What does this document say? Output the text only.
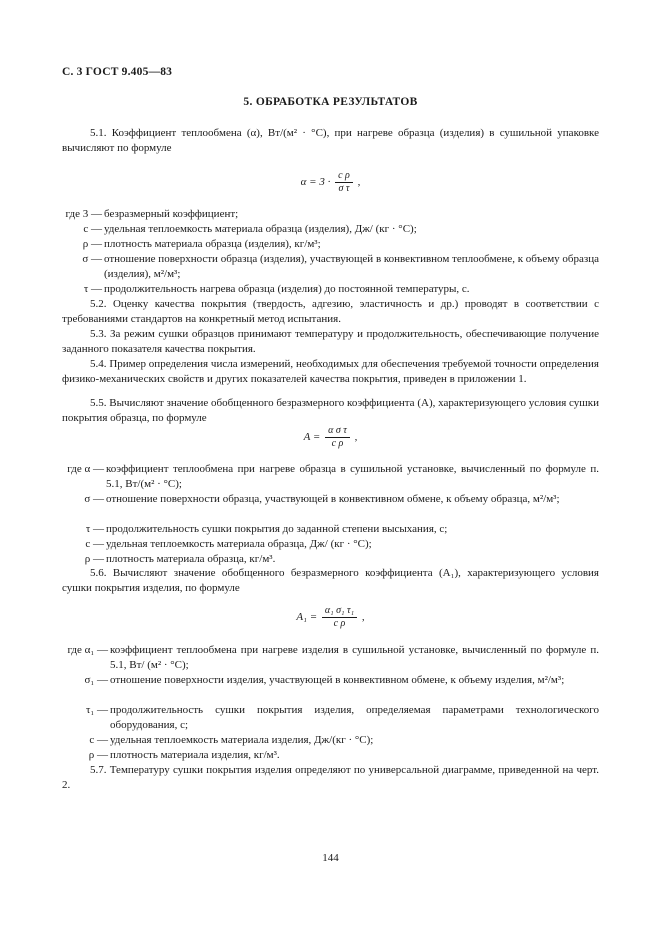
С. 3 ГОСТ 9.405—83
5. ОБРАБОТКА РЕЗУЛЬТАТОВ

5.1. Коэффициент теплообмена (α), Вт/(м² · °С), при нагреве образца (изделия) в сушильной упаковке вычисляют по формуле

$\alpha = 3 \cdot \frac{\text{c ρ}}{\text{σ τ}}$ ,
где 3 — безразмерный коэффициент;
c — удельная теплоемкость материала образца (изделия), Дж/ (кг · °С);
ρ — плотность материала образца (изделия), кг/м³;
σ — отношение поверхности образца (изделия), участвующей в конвективном теплообмене, к объему образца (изделия), м²/м³;
τ — продолжительность нагрева образца (изделия) до постоянной температуры, с.

5.2. Оценку качества покрытия (твердость, адгезию, эластичность и др.) проводят в соответствии с требованиями стандартов на конкретный метод испытания.

5.3. За режим сушки образцов принимают температуру и продолжительность, обеспечивающие получение заданного показателя качества покрытия.

5.4. Пример определения числа измерений, необходимых для обеспечения требуемой точности определения физико-механических свойств и других показателей качества покрытия, приведен в приложении 1.

5.5. Вычисляют значение обобщенного безразмерного коэффициента (A), характеризующего условия сушки покрытия образца, по формуле

$A = \frac{\text{α σ τ}}{\text{c ρ}}$ ,
где α — коэффициент теплообмена при нагреве образца в сушильной установке, вычисленный по формуле п. 5.1, Вт/(м² · °С);
σ — отношение поверхности образца, участвующей в конвективном обмене, к объему образца, м²/м³;
τ — продолжительность сушки покрытия до заданной степени высыхания, с;
c — удельная теплоемкость материала образца, Дж/ (кг · °С);
ρ — плотность материала образца, кг/м³.

5.6. Вычисляют значение обобщенного безразмерного коэффициента (A₁), характеризующего условия сушки покрытия изделия, по формуле

$A_1 = \frac{\text{α₁ σ₁ τ₁}}{\text{c ρ}}$ ,
где α₁ — коэффициент теплообмена при нагреве изделия в сушильной установке, вычисленный по формуле п. 5.1, Вт/ (м² · °С);
σ₁ — отношение поверхности изделия, участвующей в конвективном обмене, к объему изделия, м²/м³;
τ₁ — продолжительность сушки покрытия изделия, определяемая параметрами технологического оборудования, с;
c — удельная теплоемкость материала изделия, Дж/(кг · °С);
ρ — плотность материала изделия, кг/м³.

5.7. Температуру сушки покрытия изделия определяют по универсальной диаграмме, приведенной на черт. 2.

144
